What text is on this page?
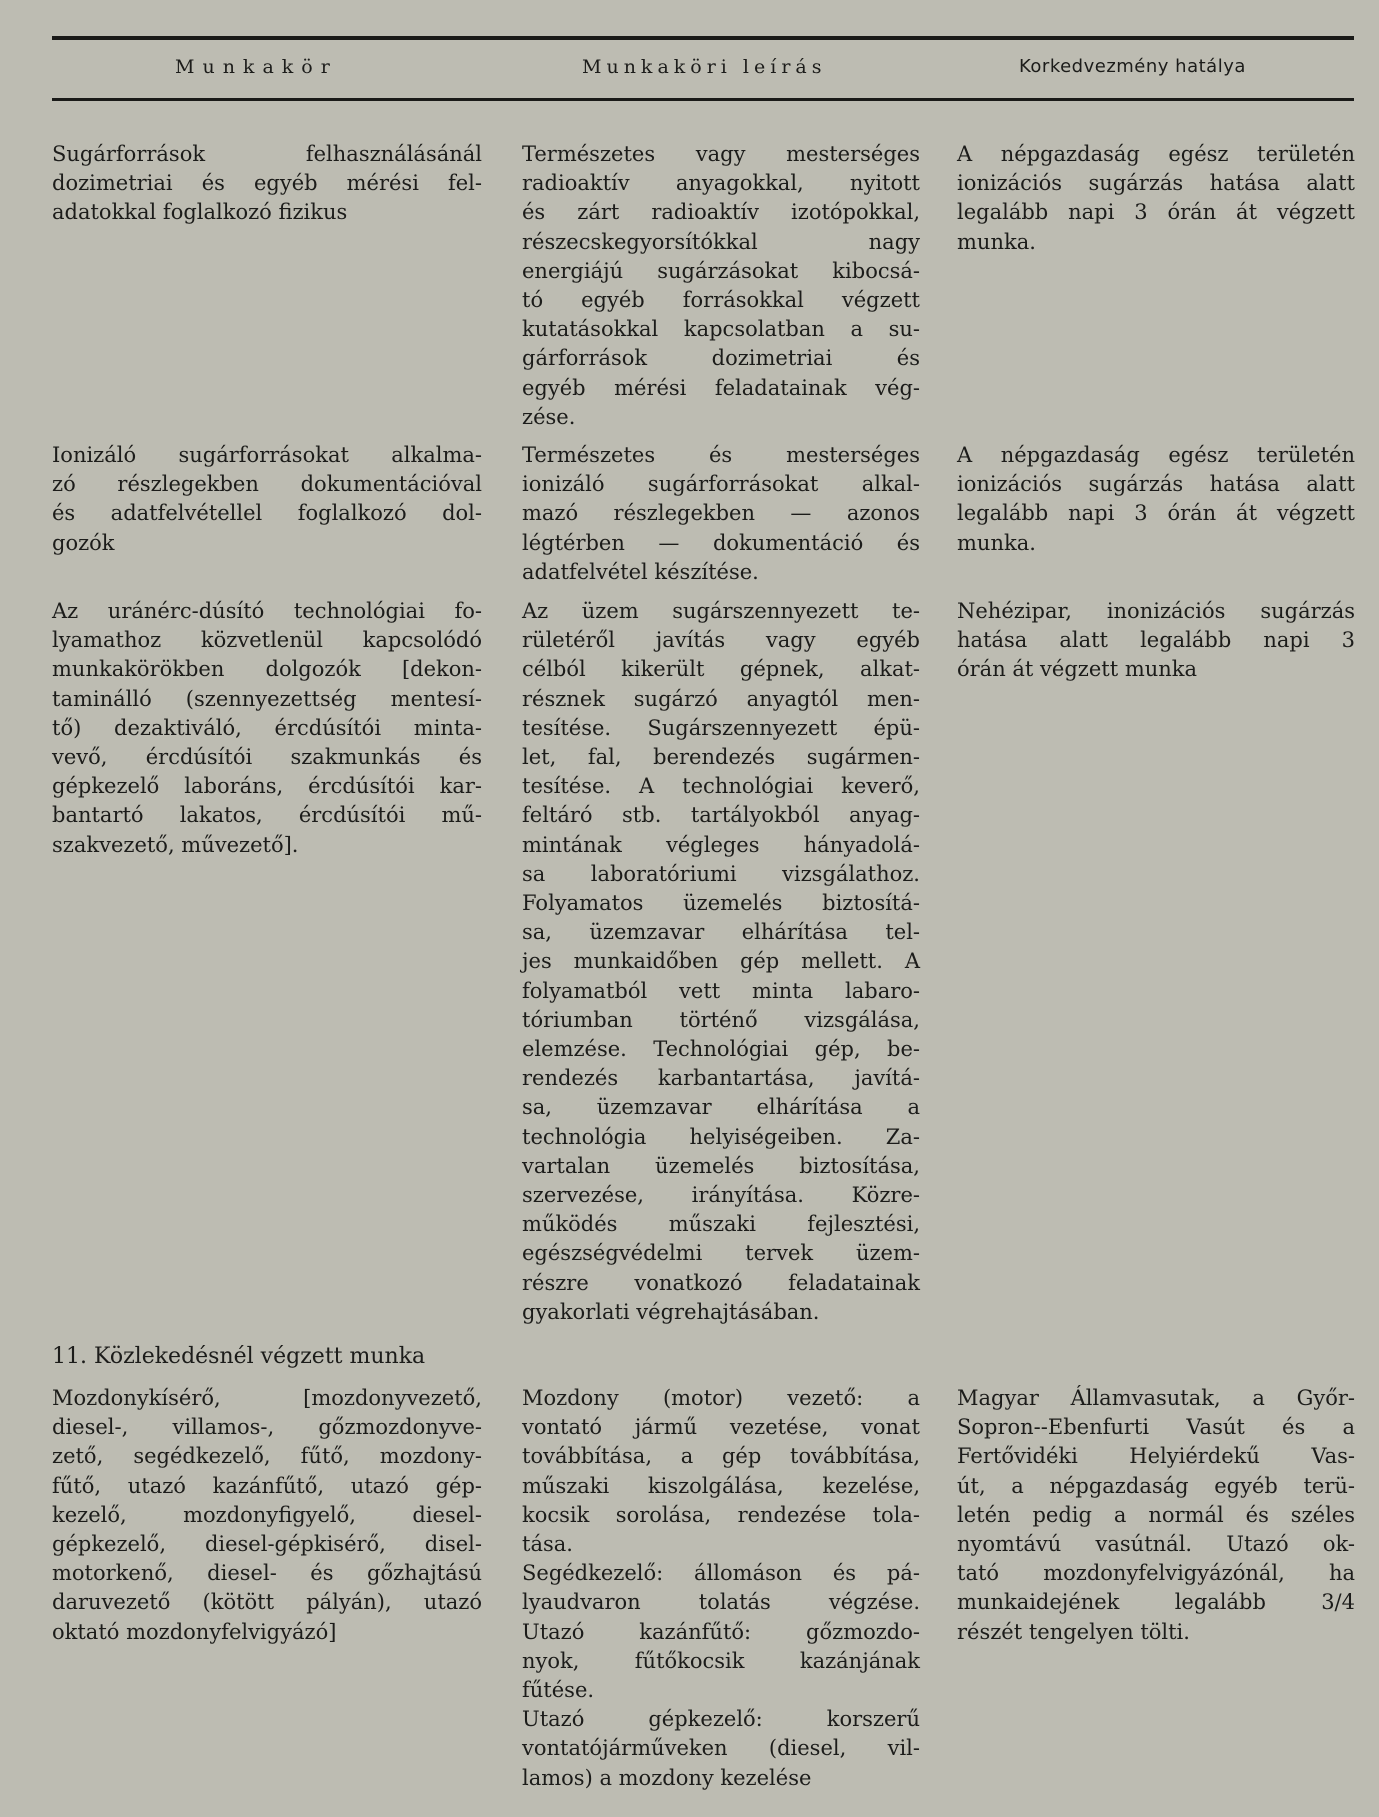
Munkakör	Munkaköri leírás	Korkedvezmény hatálya
Sugárforrások felhasználásánál
dozimetriai és egyéb mérési fel-
adatokkal foglalkozó fizikus
Természetes vagy mesterséges
radioaktív anyagokkal, nyitott
és zárt radioaktív izotópokkal,
részecskegyorsítókkal nagy
energiájú sugárzásokat kibocsá-
tó egyéb forrásokkal végzett
kutatásokkal kapcsolatban a su-
gárforrások dozimetriai és
egyéb mérési feladatainak vég-
zése.
A népgazdaság egész területén
ionizációs sugárzás hatása alatt
legalább napi 3 órán át végzett
munka.
Ionizáló sugárforrásokat alkalma-
zó részlegekben dokumentációval
és adatfelvétellel foglalkozó dol-
gozók
Természetes és mesterséges
ionizáló sugárforrásokat alkal-
mazó részlegekben — azonos
légtérben — dokumentáció és
adatfelvétel készítése.
A népgazdaság egész területén
ionizációs sugárzás hatása alatt
legalább napi 3 órán át végzett
munka.
Az uránérc-dúsító technológiai fo-
lyamathoz közvetlenül kapcsolódó
munkakörökben dolgozók [dekon-
taminálló (szennyezettség mentesí-
tő) dezaktiváló, ércdúsítói minta-
vevő, ércdúsítói szakmunkás és
gépkezelő laboráns, ércdúsítói kar-
bantartó lakatos, ércdúsítói mű-
szakvezető, művezető].
Az üzem sugárszennyezett te-
rületéről javítás vagy egyéb
célból kikerült gépnek, alkat-
résznek sugárzó anyagtól men-
tesítése. Sugárszennyezett épü-
let, fal, berendezés sugármen-
tesítése. A technológiai keverő,
feltáró stb. tartályokból anyag-
mintának végleges hányadolá-
sa laboratóriumi vizsgálathoz.
Folyamatos üzemelés biztosítá-
sa, üzemzavar elhárítása tel-
jes munkaidőben gép mellett. A
folyamatból vett minta labaro-
tóriumban történő vizsgálása,
elemzése. Technológiai gép, be-
rendezés karbantartása, javítá-
sa, üzemzavar elhárítása a
technológia helyiségeiben. Za-
vartalan üzemelés biztosítása,
szervezése, irányítása. Közre-
működés műszaki fejlesztési,
egészségvédelmi tervek üzem-
részre vonatkozó feladatainak
gyakorlati végrehajtásában.
Nehézipar, inonizációs sugárzás
hatása alatt legalább napi 3
órán át végzett munka
11. Közlekedésnél végzett munka
Mozdonykísérő, [mozdonyvezető,
diesel-, villamos-, gőzmozdonyve-
zető, segédkezelő, fűtő, mozdony-
fűtő, utazó kazánfűtő, utazó gép-
kezelő, mozdonyfigyelő, diesel-
gépkezelő, diesel-gépkisérő, disel-
motorkenő, diesel- és gőzhajtású
daruvezető (kötött pályán), utazó
oktató mozdonyfelvigyázó]
Mozdony (motor) vezető: a
vontató jármű vezetése, vonat
továbbítása, a gép továbbítása,
műszaki kiszolgálása, kezelése,
kocsik sorolása, rendezése tola-
tása.
Segédkezelő: állomáson és pá-
lyaudvaron tolatás végzése.
Utazó kazánfűtő: gőzmozdo-
nyok, fűtőkocsik kazánjának
fűtése.
Utazó gépkezelő: korszerű
vontatójárműveken (diesel, vil-
lamos) a mozdony kezelése
Magyar Államvasutak, a Győr-
Sopron--Ebenfurti Vasút és a
Fertővidéki Helyiérdekű Vas-
út, a népgazdaság egyéb terü-
letén pedig a normál és széles
nyomtávú vasútnál. Utazó ok-
tató mozdonyfelvigyázónál, ha
munkaidejének legalább 3/4
részét tengelyen tölti.
